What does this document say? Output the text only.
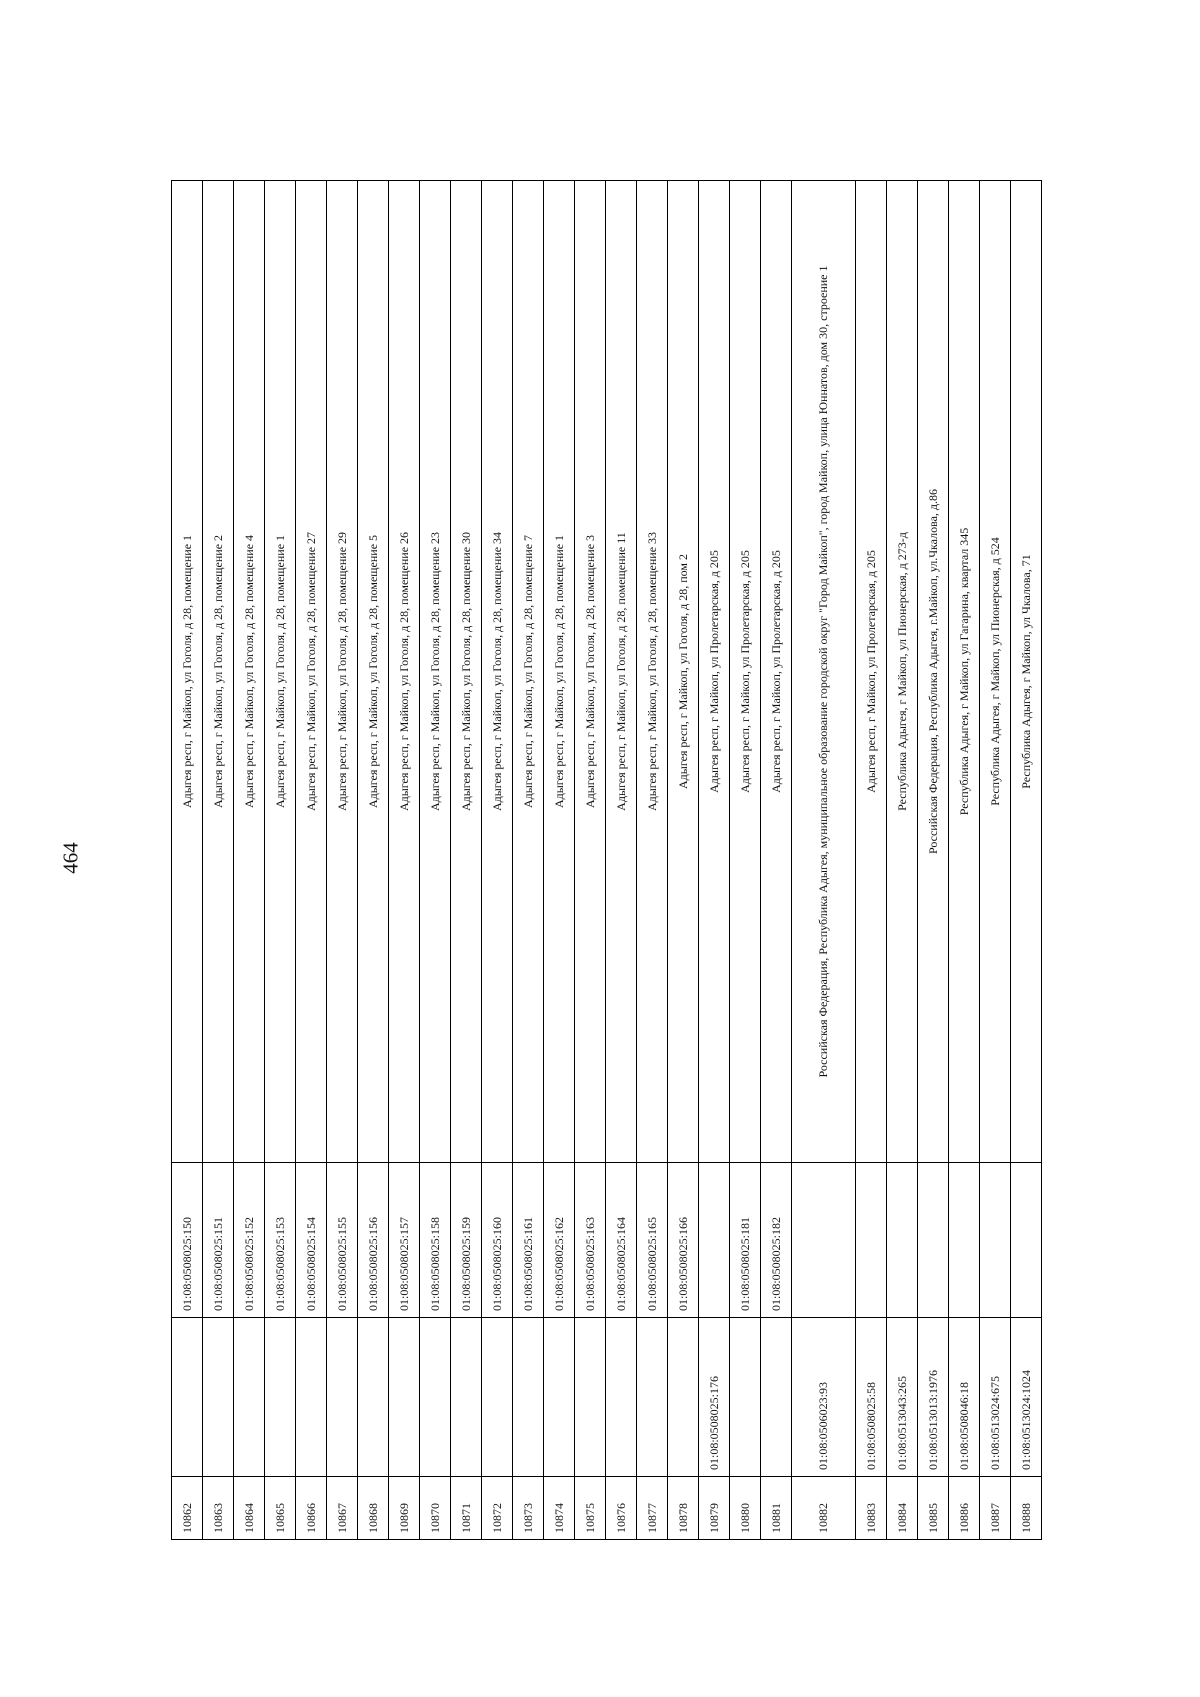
464
10862		01:08:0508025:150	Адыгея респ, г Майкоп, ул Гоголя, д 28, помещение 1
10863		01:08:0508025:151	Адыгея респ, г Майкоп, ул Гоголя, д 28, помещение 2
10864		01:08:0508025:152	Адыгея респ, г Майкоп, ул Гоголя, д 28, помещение 4
10865		01:08:0508025:153	Адыгея респ, г Майкоп, ул Гоголя, д 28, помещение 1
10866		01:08:0508025:154	Адыгея респ, г Майкоп, ул Гоголя, д 28, помещение 27
10867		01:08:0508025:155	Адыгея респ, г Майкоп, ул Гоголя, д 28, помещение 29
10868		01:08:0508025:156	Адыгея респ, г Майкоп, ул Гоголя, д 28, помещение 5
10869		01:08:0508025:157	Адыгея респ, г Майкоп, ул Гоголя, д 28, помещение 26
10870		01:08:0508025:158	Адыгея респ, г Майкоп, ул Гоголя, д 28, помещение 23
10871		01:08:0508025:159	Адыгея респ, г Майкоп, ул Гоголя, д 28, помещение 30
10872		01:08:0508025:160	Адыгея респ, г Майкоп, ул Гоголя, д 28, помещение 34
10873		01:08:0508025:161	Адыгея респ, г Майкоп, ул Гоголя, д 28, помещение 7
10874		01:08:0508025:162	Адыгея респ, г Майкоп, ул Гоголя, д 28, помещение 1
10875		01:08:0508025:163	Адыгея респ, г Майкоп, ул Гоголя, д 28, помещение 3
10876		01:08:0508025:164	Адыгея респ, г Майкоп, ул Гоголя, д 28, помещение 11
10877		01:08:0508025:165	Адыгея респ, г Майкоп, ул Гоголя, д 28, помещение 33
10878		01:08:0508025:166	Адыгея респ, г Майкоп, ул Гоголя, д 28, пом 2
10879	01:08:0508025:176		Адыгея респ, г Майкоп, ул Пролетарская, д 205
10880		01:08:0508025:181	Адыгея респ, г Майкоп, ул Пролетарская, д 205
10881		01:08:0508025:182	Адыгея респ, г Майкоп, ул Пролетарская, д 205
10882	01:08:0506023:93		Российская Федерация, Республика Адыгея, муниципальное образование городской округ "Город Майкоп", город Майкоп, улица Юннатов, дом 30, строение 1
10883	01:08:0508025:58		Адыгея респ, г Майкоп, ул Пролетарская, д 205
10884	01:08:0513043:265		Республика Адыгея, г Майкоп, ул Пионерская, д 273-д
10885	01:08:0513013:1976		Российская Федерация, Республика Адыгея, г.Майкоп, ул.Чкалова, д.86
10886	01:08:0508046:18		Республика Адыгея, г Майкоп, ул Гагарина, квартал 345
10887	01:08:0513024:675		Республика Адыгея, г Майкоп, ул Пионерская, д 524
10888	01:08:0513024:1024		Республика Адыгея, г Майкоп, ул Чкалова, 71
